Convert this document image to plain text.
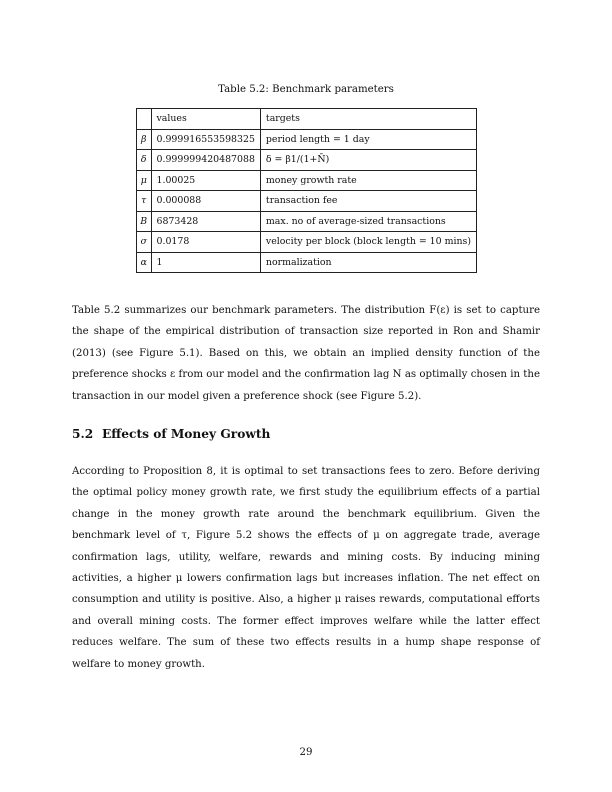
Table 5.2: Benchmark parameters
	values	targets
β	0.999916553598325	period length = 1 day
δ	0.999999420487088	δ = β1/(1+N̄)
μ	1.00025	money growth rate
τ	0.000088	transaction fee
B	6873428	max. no of average-sized transactions
σ	0.0178	velocity per block (block length = 10 mins)
α	1	normalization

Table 5.2 summarizes our benchmark parameters. The distribution F(ε) is set to capture the shape of the empirical distribution of transaction size reported in Ron and Shamir (2013) (see Figure 5.1). Based on this, we obtain an implied density function of the preference shocks ε from our model and the confirmation lag N as optimally chosen in the transaction in our model given a preference shock (see Figure 5.2).

5.2 Effects of Money Growth

According to Proposition 8, it is optimal to set transactions fees to zero. Before deriving the optimal policy money growth rate, we first study the equilibrium effects of a partial change in the money growth rate around the benchmark equilibrium. Given the benchmark level of τ, Figure 5.2 shows the effects of μ on aggregate trade, average confirmation lags, utility, welfare, rewards and mining costs. By inducing mining activities, a higher μ lowers confirmation lags but increases inflation. The net effect on consumption and utility is positive. Also, a higher μ raises rewards, computational efforts and overall mining costs. The former effect improves welfare while the latter effect reduces welfare. The sum of these two effects results in a hump shape response of welfare to money growth.

29
